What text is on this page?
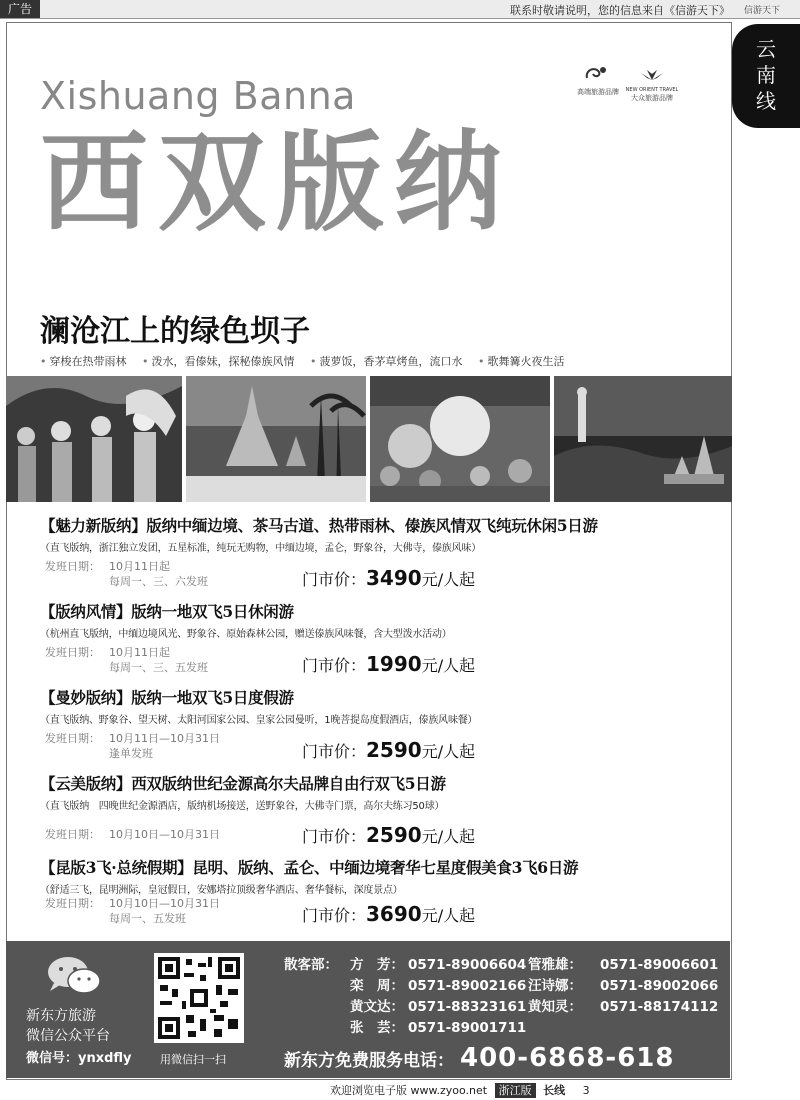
广告	联系时敬请说明，您的信息来自《信游天下》 信游天下
云
南
线
Xishuang Banna
西双版纳
高端旅游品牌	NEW ORIENT TRAVEL
大众旅游品牌
澜沧江上的绿色坝子
• 穿梭在热带雨林 • 泼水，看傣妹，探秘傣族风情 • 菠萝饭，香茅草烤鱼，流口水 • 歌舞篝火夜生活
【魅力新版纳】版纳中缅边境、茶马古道、热带雨林、傣族风情双飞纯玩休闲5日游
（直飞版纳，浙江独立发团，五星标准，纯玩无购物，中缅边境，孟仑，野象谷，大佛寺，傣族风味）
发班日期： 10月11日起
每周一、三、六发班	门市价：3490元/人起
【版纳风情】版纳一地双飞5日休闲游
（杭州直飞版纳，中缅边境风光、野象谷、原始森林公园，赠送傣族风味餐，含大型泼水活动）
发班日期： 10月11日起
每周一、三、五发班	门市价：1990元/人起
【曼妙版纳】版纳一地双飞5日度假游
（直飞版纳、野象谷、望天树、太阳河国家公园、皇家公园曼听，1晚菩提岛度假酒店，傣族风味餐）
发班日期： 10月11日—10月31日
逢单发班	门市价：2590元/人起
【云美版纳】西双版纳世纪金源高尔夫品牌自由行双飞5日游
（直飞版纳　四晚世纪金源酒店，版纳机场接送，送野象谷，大佛寺门票，高尔夫练习50球）
发班日期： 10月10日—10月31日	门市价：2590元/人起
【昆版3飞·总统假期】昆明、版纳、孟仑、中缅边境奢华七星度假美食3飞6日游
（舒适三飞，昆明洲际，皇冠假日，安娜塔拉顶级奢华酒店、奢华餐标，深度景点）
发班日期： 10月10日—10月31日
每周一、五发班	门市价：3690元/人起
新东方旅游
微信公众平台
微信号：ynxdfly	用微信扫一扫
散客部： 方　芳： 0571-89006604 管雅雄： 0571-89006601
栾　周： 0571-89002166 汪诗娜： 0571-89002066
黄文达： 0571-88323161 黄知灵： 0571-88174112
张　芸： 0571-89001711
新东方免费服务电话： 400-6868-618
欢迎浏览电子版 www.zyoo.net 浙江版 长线 3
